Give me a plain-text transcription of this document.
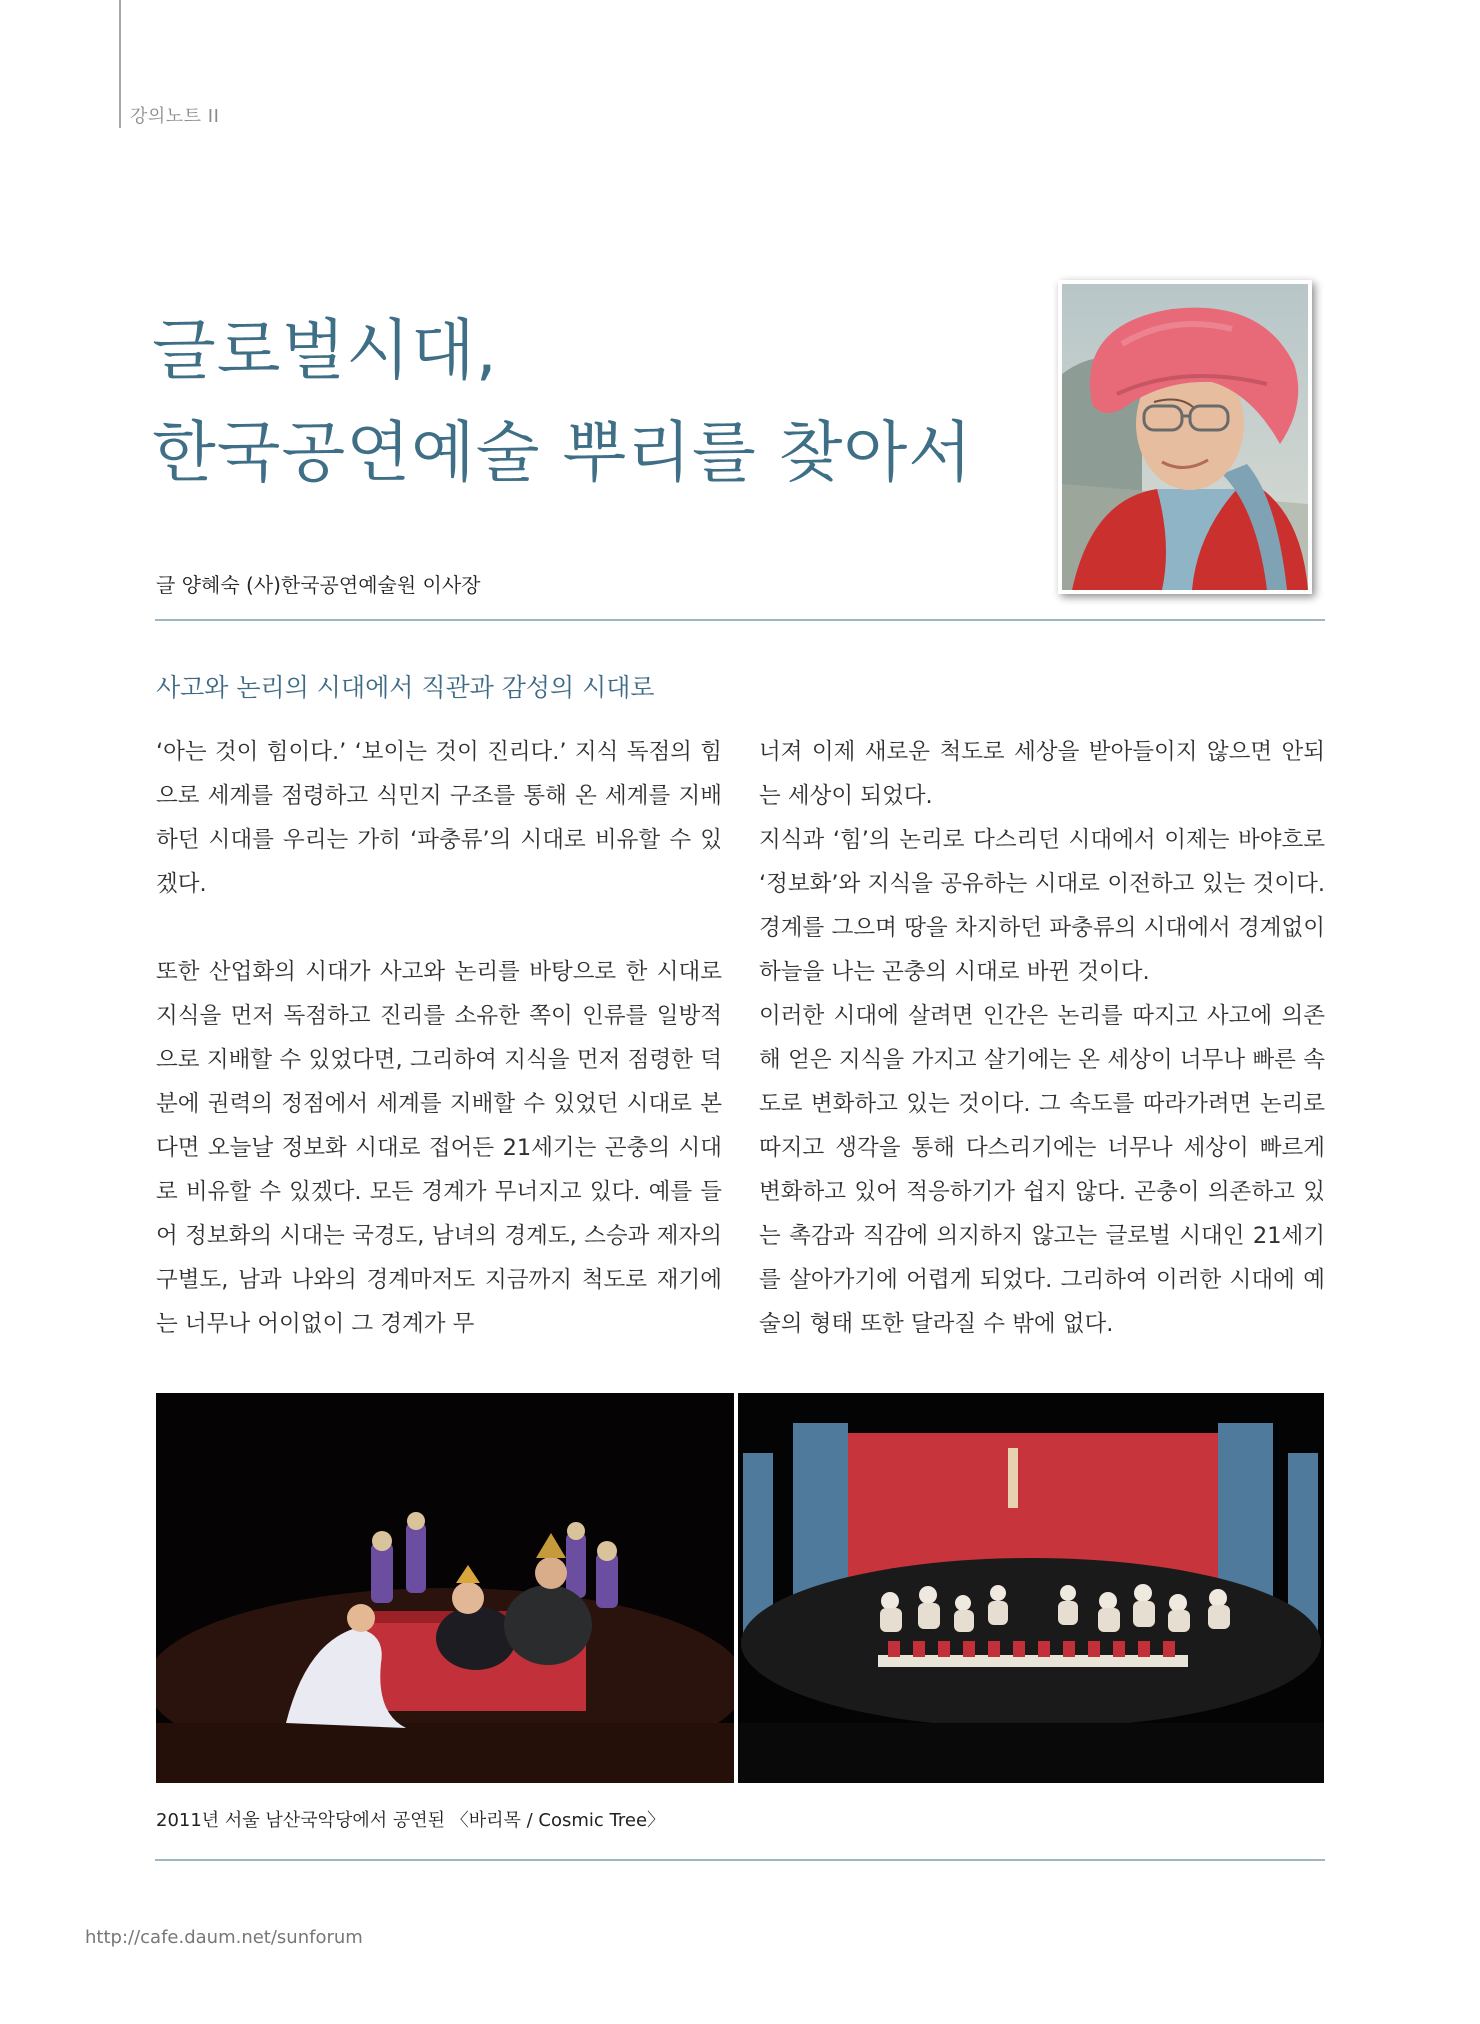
강의노트 II
글로벌시대,
한국공연예술 뿌리를 찾아서
글 양혜숙 (사)한국공연예술원 이사장
사고와 논리의 시대에서 직관과 감성의 시대로

‘아는 것이 힘이다.’ ‘보이는 것이 진리다.’ 지식 독점의 힘으로 세계를 점령하고 식민지 구조를 통해 온 세계를 지배하던 시대를 우리는 가히 ‘파충류’의 시대로 비유할 수 있겠다.

또한 산업화의 시대가 사고와 논리를 바탕으로 한 시대로 지식을 먼저 독점하고 진리를 소유한 쪽이 인류를 일방적으로 지배할 수 있었다면, 그리하여 지식을 먼저 점령한 덕분에 권력의 정점에서 세계를 지배할 수 있었던 시대로 본다면 오늘날 정보화 시대로 접어든 21세기는 곤충의 시대로 비유할 수 있겠다. 모든 경계가 무너지고 있다. 예를 들어 정보화의 시대는 국경도, 남녀의 경계도, 스승과 제자의 구별도, 남과 나와의 경계마저도 지금까지 척도로 재기에는 너무나 어이없이 그 경계가 무

너져 이제 새로운 척도로 세상을 받아들이지 않으면 안되는 세상이 되었다.

지식과 ‘힘’의 논리로 다스리던 시대에서 이제는 바야흐로 ‘정보화’와 지식을 공유하는 시대로 이전하고 있는 것이다. 경계를 그으며 땅을 차지하던 파충류의 시대에서 경계없이 하늘을 나는 곤충의 시대로 바뀐 것이다.

이러한 시대에 살려면 인간은 논리를 따지고 사고에 의존해 얻은 지식을 가지고 살기에는 온 세상이 너무나 빠른 속도로 변화하고 있는 것이다. 그 속도를 따라가려면 논리로 따지고 생각을 통해 다스리기에는 너무나 세상이 빠르게 변화하고 있어 적응하기가 쉽지 않다. 곤충이 의존하고 있는 촉감과 직감에 의지하지 않고는 글로벌 시대인 21세기를 살아가기에 어렵게 되었다. 그리하여 이러한 시대에 예술의 형태 또한 달라질 수 밖에 없다.

2011년 서울 남산국악당에서 공연된 〈바리목 / Cosmic Tree〉
http://cafe.daum.net/sunforum
